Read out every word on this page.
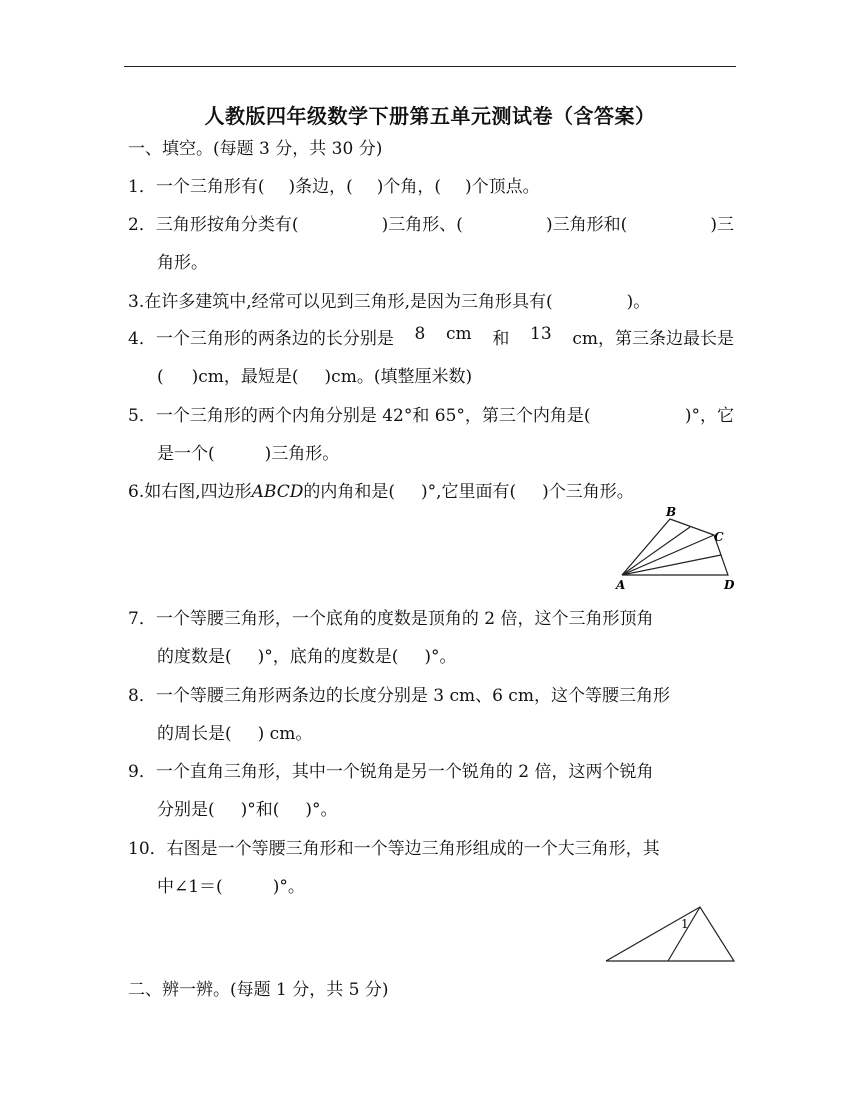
人教版四年级数学下册第五单元测试卷（含答案）
一、填空。(每题 3 分，共 30 分)
1．一个三角形有( )条边，( )个角，( )个顶点。
2．三角形按角分类有(	)三角形、(	)三角形和(	)三
角形。
3.在许多建筑中,经常可以见到三角形,是因为三角形具有(	)。
4．一个三角形的两条边的长分别是 8 cm 和 13 cm，第三条边最长是
( )cm，最短是( )cm。(填整厘米数)
5．一个三角形的两个内角分别是 42°和 65°，第三个内角是(	)°，它
是一个(	)三角形。
6.如右图,四边形ABCD的内角和是( )°,它里面有( )个三角形。
B
C
A	D
7．一个等腰三角形，一个底角的度数是顶角的 2 倍，这个三角形顶角
的度数是( )°，底角的度数是( )°。
8．一个等腰三角形两条边的长度分别是 3 cm、6 cm，这个等腰三角形
的周长是( ) cm。
9．一个直角三角形，其中一个锐角是另一个锐角的 2 倍，这两个锐角
分别是( )°和( )°。
10．右图是一个等腰三角形和一个等边三角形组成的一个大三角形，其
中∠1＝(	)°。
1
二、辨一辨。(每题 1 分，共 5 分)
